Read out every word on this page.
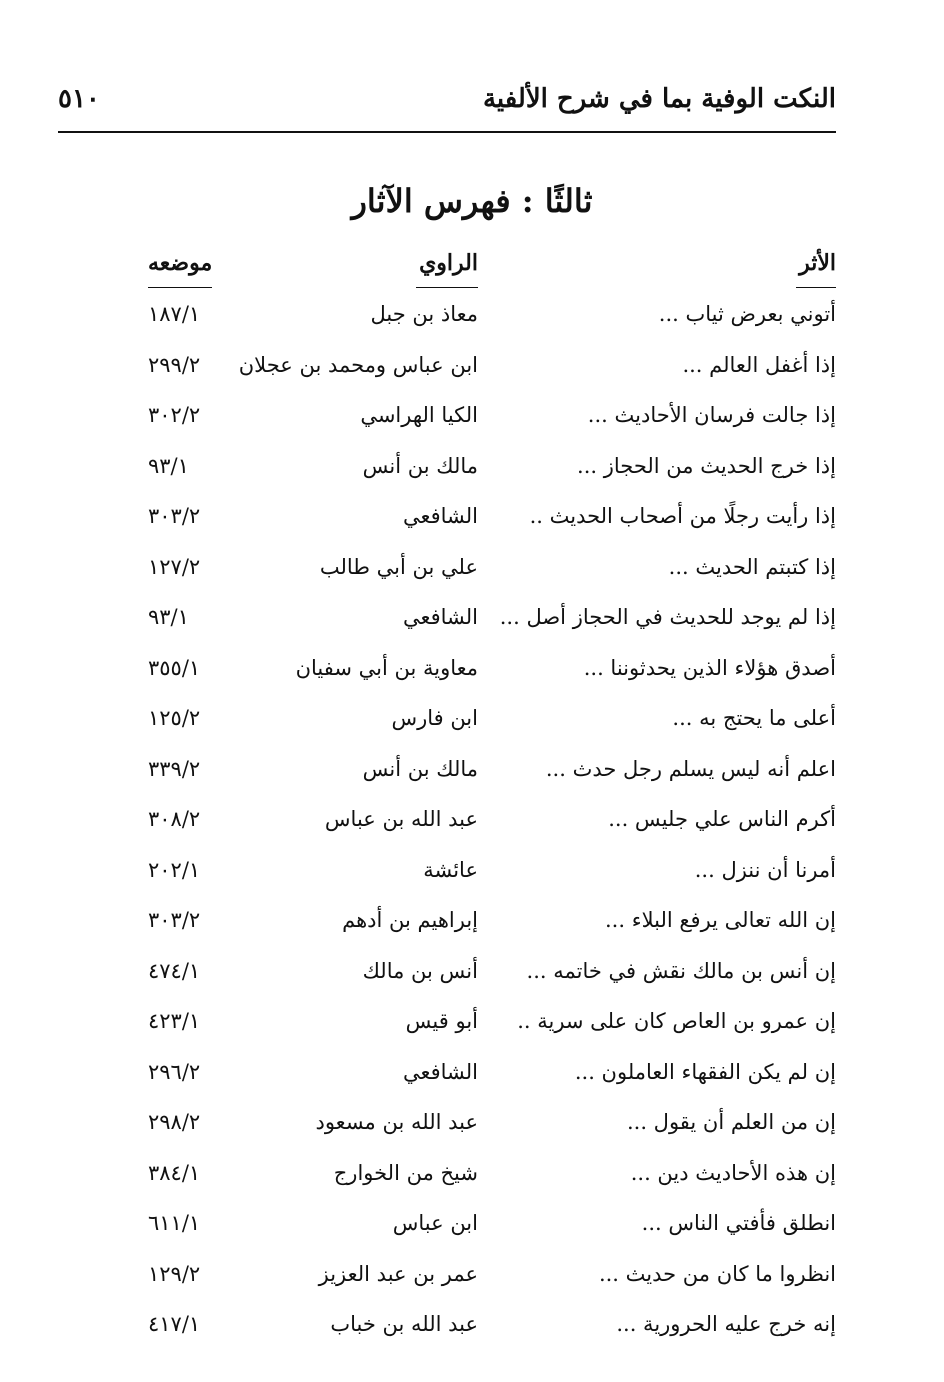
النكت الوفية بما في شرح الألفية
٥١٠
ثالثًا : فهرس الآثار
الأثر
الراوي
موضعه
أتوني بعرض ثياب ...
معاذ بن جبل
١٨٧/١
إذا أغفل العالم ...
ابن عباس ومحمد بن عجلان
٢٩٩/٢
إذا جالت فرسان الأحاديث ...
الكيا الهراسي
٣٠٢/٢
إذا خرج الحديث من الحجاز ...
مالك بن أنس
٩٣/١
إذا رأيت رجلًا من أصحاب الحديث ..
الشافعي
٣٠٣/٢
إذا كتبتم الحديث ...
علي بن أبي طالب
١٢٧/٢
إذا لم يوجد للحديث في الحجاز أصل ...
الشافعي
٩٣/١
أصدق هؤلاء الذين يحدثوننا ...
معاوية بن أبي سفيان
٣٥٥/١
أعلى ما يحتج به ...
ابن فارس
١٢٥/٢
اعلم أنه ليس يسلم رجل حدث ...
مالك بن أنس
٣٣٩/٢
أكرم الناس علي جليس ...
عبد الله بن عباس
٣٠٨/٢
أمرنا أن ننزل ...
عائشة
٢٠٢/١
إن الله تعالى يرفع البلاء ...
إبراهيم بن أدهم
٣٠٣/٢
إن أنس بن مالك نقش في خاتمه ...
أنس بن مالك
٤٧٤/١
إن عمرو بن العاص كان على سرية ..
أبو قيس
٤٢٣/١
إن لم يكن الفقهاء العاملون ...
الشافعي
٢٩٦/٢
إن من العلم أن يقول ...
عبد الله بن مسعود
٢٩٨/٢
إن هذه الأحاديث دين ...
شيخ من الخوارج
٣٨٤/١
انطلق فأفتي الناس ...
ابن عباس
٦١١/١
انظروا ما كان من حديث ...
عمر بن عبد العزيز
١٢٩/٢
إنه خرج عليه الحرورية ...
عبد الله بن خباب
٤١٧/١
